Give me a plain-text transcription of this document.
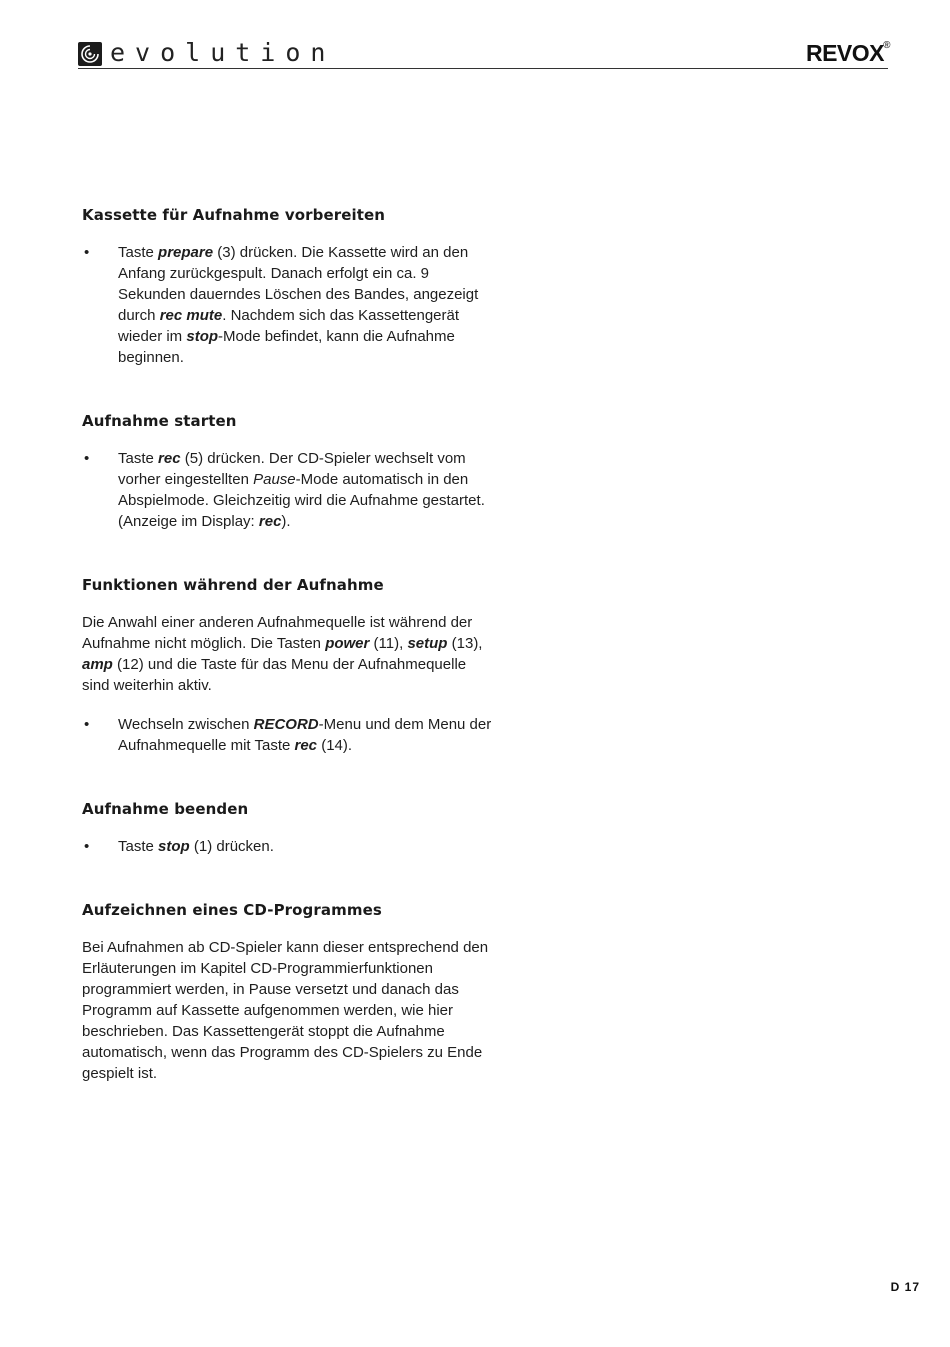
evolution	REVOX ®
Kassette für Aufnahme vorbereiten
•	Taste prepare (3) drücken. Die Kassette wird an den Anfang zurückgespult. Danach erfolgt ein ca. 9 Sekunden dauerndes Löschen des Bandes, angezeigt durch rec mute. Nachdem sich das Kassettengerät wieder im stop-Mode befindet, kann die Aufnahme beginnen.
Aufnahme starten
•	Taste rec (5) drücken. Der CD-Spieler wechselt vom vorher eingestellten Pause-Mode automatisch in den Abspielmode. Gleichzeitig wird die Aufnahme gestartet. (Anzeige im Display: rec).
Funktionen während der Aufnahme

Die Anwahl einer anderen Aufnahmequelle ist während der Aufnahme nicht möglich. Die Tasten power (11), setup (13), amp (12) und die Taste für das Menu der Aufnahmequelle sind weiterhin aktiv.

•	Wechseln zwischen RECORD-Menu und dem Menu der Aufnahmequelle mit Taste rec (14).
Aufnahme beenden
•	Taste stop (1) drücken.
Aufzeichnen eines CD-Programmes

Bei Aufnahmen ab CD-Spieler kann dieser entsprechend den Erläuterungen im Kapitel CD-Programmierfunktionen programmiert werden, in Pause versetzt und danach das Programm auf Kassette aufgenommen werden, wie hier beschrieben. Das Kassettengerät stoppt die Aufnahme automatisch, wenn das Programm des CD-Spielers zu Ende gespielt ist.

D 17
